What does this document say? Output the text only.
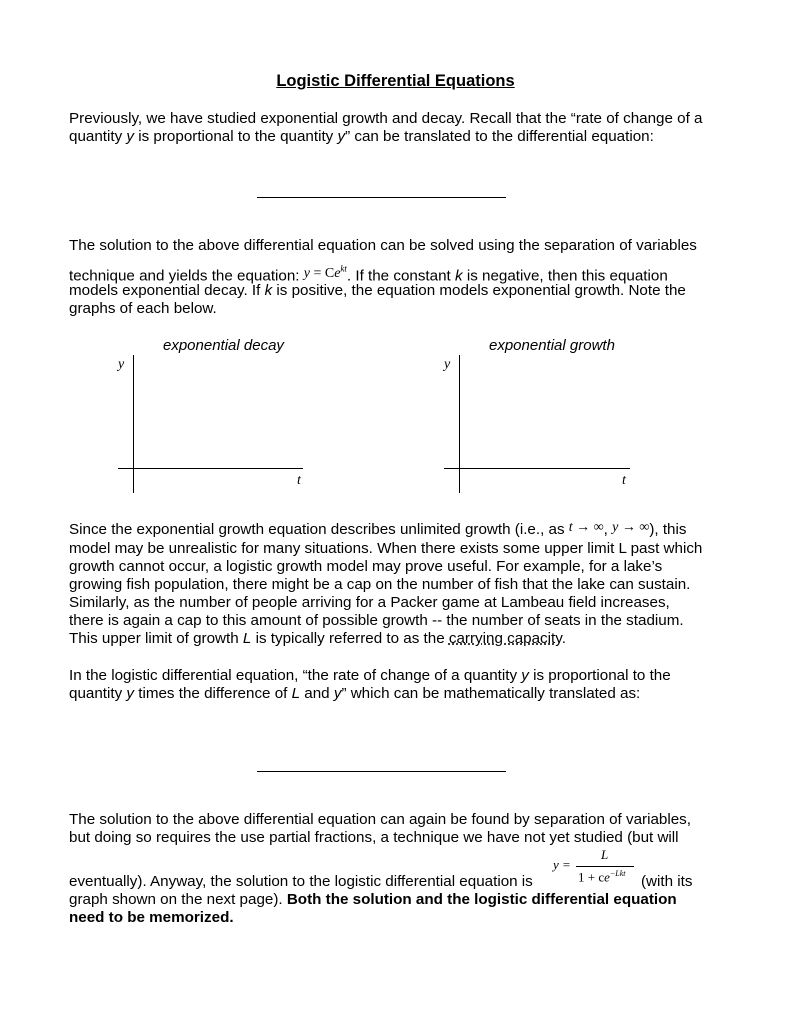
Logistic Differential Equations
Previously, we have studied exponential growth and decay. Recall that the “rate of change of a
quantity y is proportional to the quantity y” can be translated to the differential equation:
The solution to the above differential equation can be solved using the separation of variables
technique and yields the equation: $y = Ce^{kt}$. If the constant k is negative, then this equation
models exponential decay. If k is positive, the equation models exponential growth. Note the
graphs of each below.
exponential decay
y
t
exponential growth
y
t
Since the exponential growth equation describes unlimited growth (i.e., as t → ∞, y → ∞), this
model may be unrealistic for many situations. When there exists some upper limit L past which
growth cannot occur, a logistic growth model may prove useful. For example, for a lake’s
growing fish population, there might be a cap on the number of fish that the lake can sustain.
Similarly, as the number of people arriving for a Packer game at Lambeau field increases,
there is again a cap to this amount of possible growth -- the number of seats in the stadium.
This upper limit of growth L is typically referred to as the carrying capacity.
In the logistic differential equation, “the rate of change of a quantity y is proportional to the
quantity y times the difference of L and y” which can be mathematically translated as:
The solution to the above differential equation can again be found by separation of variables,
but doing so requires the use partial fractions, a technique we have not yet studied (but will
y =
L
$1 + ce^{-Lkt}$
eventually). Anyway, the solution to the logistic differential equation is	(with its
graph shown on the next page). Both the solution and the logistic differential equation
need to be memorized.
